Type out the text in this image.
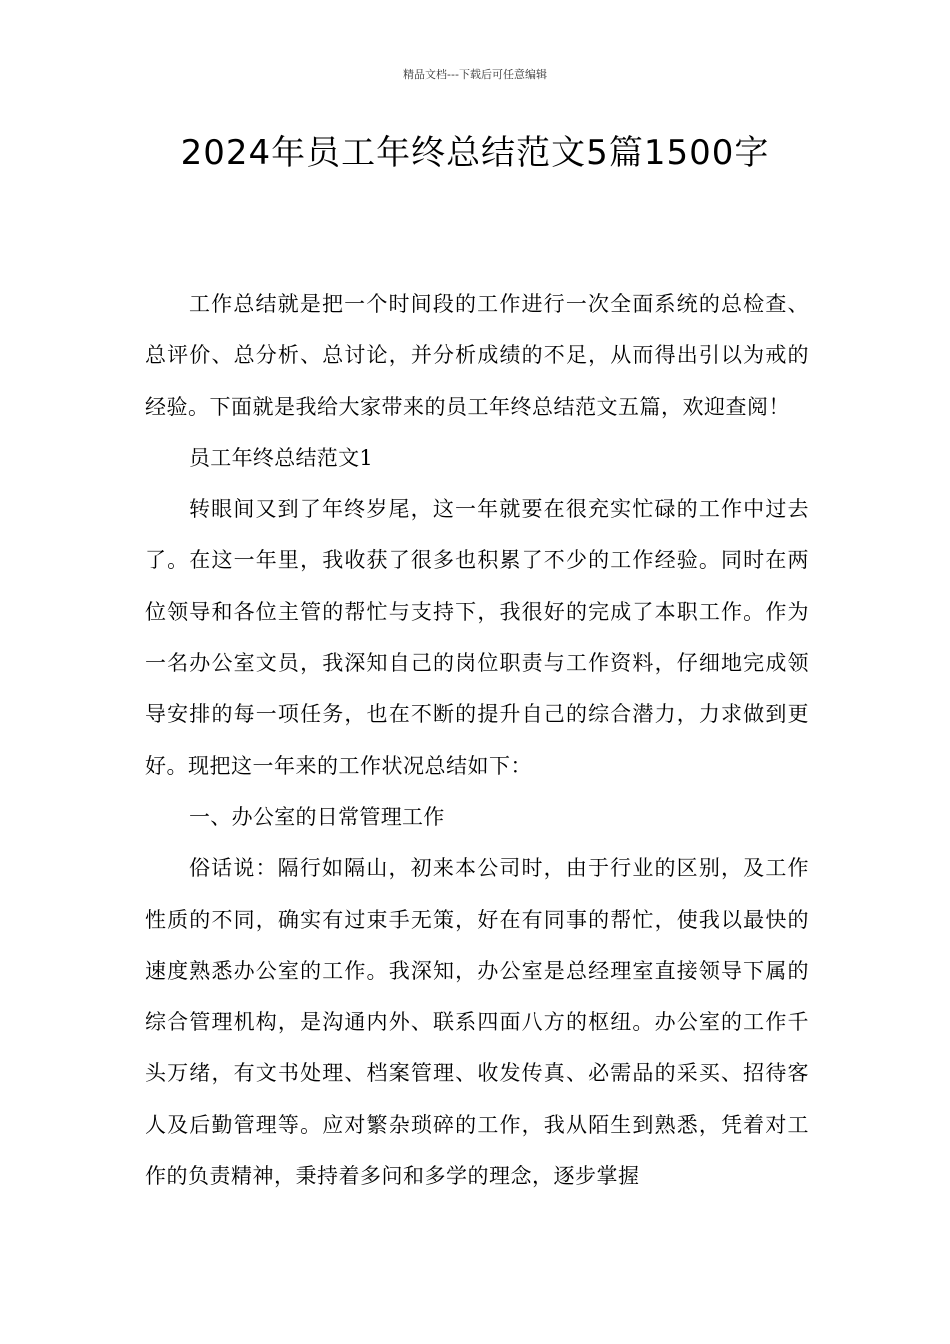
精品文档---下载后可任意编辑
2024年员工年终总结范文5篇1500字

工作总结就是把一个时间段的工作进行一次全面系统的总检查、总评价、总分析、总讨论，并分析成绩的不足，从而得出引以为戒的经验。下面就是我给大家带来的员工年终总结范文五篇，欢迎查阅！

员工年终总结范文1

转眼间又到了年终岁尾，这一年就要在很充实忙碌的工作中过去了。在这一年里，我收获了很多也积累了不少的工作经验。同时在两位领导和各位主管的帮忙与支持下，我很好的完成了本职工作。作为一名办公室文员，我深知自己的岗位职责与工作资料，仔细地完成领导安排的每一项任务，也在不断的提升自己的综合潜力，力求做到更好。现把这一年来的工作状况总结如下：

一、办公室的日常管理工作

俗话说：隔行如隔山，初来本公司时，由于行业的区别，及工作性质的不同，确实有过束手无策，好在有同事的帮忙，使我以最快的速度熟悉办公室的工作。我深知，办公室是总经理室直接领导下属的综合管理机构，是沟通内外、联系四面八方的枢纽。办公室的工作千头万绪，有文书处理、档案管理、收发传真、必需品的采买、招待客人及后勤管理等。应对繁杂琐碎的工作，我从陌生到熟悉，凭着对工作的负责精神，秉持着多问和多学的理念，逐步掌握
